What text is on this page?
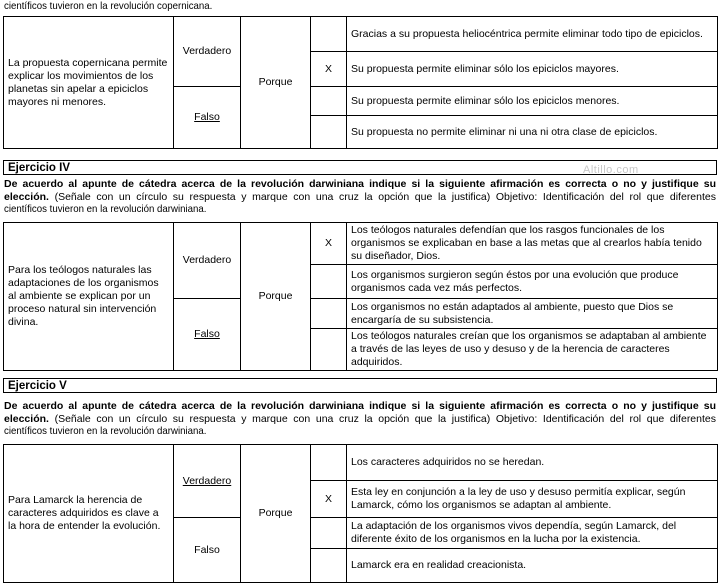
científicos tuvieron en la revolución copernicana.
La propuesta copernicana permite explicar los movimientos de los planetas sin apelar a epiciclos mayores ni menores.	Verdadero	Porque		Gracias a su propuesta heliocéntrica permite eliminar todo tipo de epiciclos.
			X	Su propuesta permite eliminar sólo los epiciclos mayores.
	Falso			Su propuesta permite eliminar sólo los epiciclos menores.
				Su propuesta no permite eliminar ni una ni otra clase de epiciclos.
Ejercicio IV	Altillo.com
De acuerdo al apunte de cátedra acerca de la revolución darwiniana indique si la siguiente afirmación es correcta o no y justifique su
elección. (Señale con un círculo su respuesta y marque con una cruz la opción que la justifica) Objetivo: Identificación del rol que diferentes
científicos tuvieron en la revolución darwiniana.
Para los teólogos naturales las adaptaciones de los organismos al ambiente se explican por un proceso natural sin intervención divina.	Verdadero	Porque	X	Los teólogos naturales defendían que los rasgos funcionales de los organismos se explicaban en base a las metas que al crearlos había tenido su diseñador, Dios.
				Los organismos surgieron según éstos por una evolución que produce organismos cada vez más perfectos.
	Falso			Los organismos no están adaptados al ambiente, puesto que Dios se encargaría de su subsistencia.
				Los teólogos naturales creían que los organismos se adaptaban al ambiente a través de las leyes de uso y desuso y de la herencia de caracteres adquiridos.
Ejercicio V
De acuerdo al apunte de cátedra acerca de la revolución darwiniana indique si la siguiente afirmación es correcta o no y justifique su
elección. (Señale con un círculo su respuesta y marque con una cruz la opción que la justifica) Objetivo: Identificación del rol que diferentes
científicos tuvieron en la revolución darwiniana.
Para Lamarck la herencia de caracteres adquiridos es clave a la hora de entender la evolución.	Verdadero	Porque		Los caracteres adquiridos no se heredan.
			X	Esta ley en conjunción a la ley de uso y desuso permitía explicar, según Lamarck, cómo los organismos se adaptan al ambiente.
	Falso			La adaptación de los organismos vivos dependía, según Lamarck, del diferente éxito de los organismos en la lucha por la existencia.
				Lamarck era en realidad creacionista.
